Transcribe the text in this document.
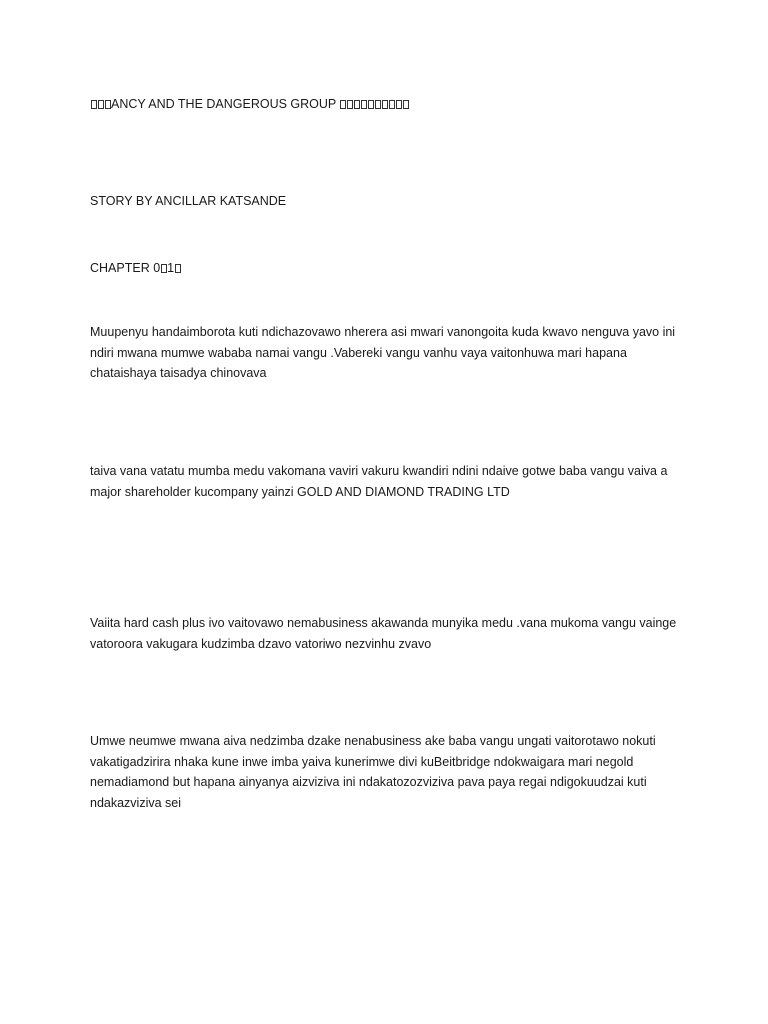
ANCY AND THE DANGEROUS GROUP
STORY BY ANCILLAR KATSANDE
CHAPTER 0 1
Muupenyu handaimborota kuti ndichazovawo nherera asi mwari vanongoita kuda kwavo nenguva yavo ini ndiri mwana mumwe wababa namai vangu .Vabereki vangu vanhu vaya vaitonhuwa mari hapana chataishaya taisadya chinovava
taiva vana vatatu mumba medu vakomana vaviri vakuru kwandiri ndini ndaive gotwe baba vangu vaiva a major shareholder kucompany yainzi GOLD AND DIAMOND TRADING LTD
Vaiita hard cash plus ivo vaitovawo nemabusiness akawanda munyika medu .vana mukoma vangu vainge vatoroora vakugara kudzimba dzavo vatoriwo nezvinhu zvavo
Umwe neumwe mwana aiva nedzimba dzake nenabusiness ake baba vangu ungati vaitorotawo nokuti vakatigadzirira nhaka kune inwe imba yaiva kunerimwe divi kuBeitbridge ndokwaigara mari negold nemadiamond but hapana ainyanya aizviziva ini ndakatozozviziva pava paya regai ndigokuudzai kuti ndakazviziva sei
